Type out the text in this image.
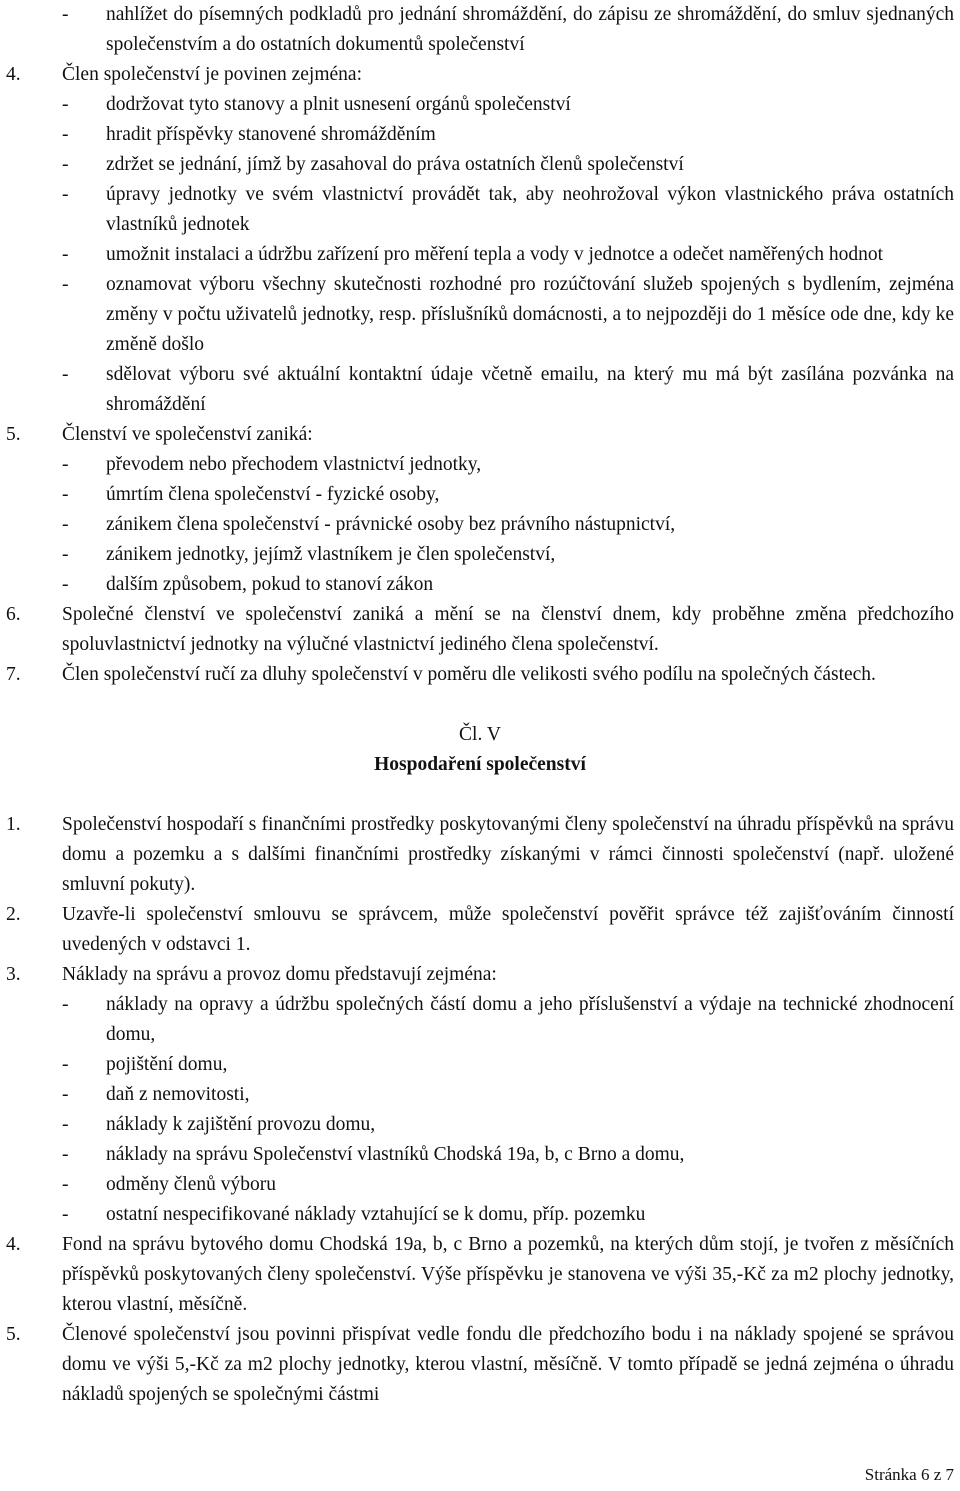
- nahlížet do písemných podkladů pro jednání shromáždění, do zápisu ze shromáždění, do smluv sjednaných společenstvím a do ostatních dokumentů společenství
4. Člen společenství je povinen zejména:
- dodržovat tyto stanovy a plnit usnesení orgánů společenství
- hradit příspěvky stanovené shromážděním
- zdržet se jednání, jímž by zasahoval do práva ostatních členů společenství
- úpravy jednotky ve svém vlastnictví provádět tak, aby neohrožoval výkon vlastnického práva ostatních vlastníků jednotek
- umožnit instalaci a údržbu zařízení pro měření tepla a vody v jednotce a odečet naměřených hodnot
- oznamovat výboru všechny skutečnosti rozhodné pro rozúčtování služeb spojených s bydlením, zejména změny v počtu uživatelů jednotky, resp. příslušníků domácnosti, a to nejpozději do 1 měsíce ode dne, kdy ke změně došlo
- sdělovat výboru své aktuální kontaktní údaje včetně emailu, na který mu má být zasílána pozvánka na shromáždění
5. Členství ve společenství zaniká:
- převodem nebo přechodem vlastnictví jednotky,
- úmrtím člena společenství - fyzické osoby,
- zánikem člena společenství - právnické osoby bez právního nástupnictví,
- zánikem jednotky, jejímž vlastníkem je člen společenství,
- dalším způsobem, pokud to stanoví zákon
6. Společné členství ve společenství zaniká a mění se na členství dnem, kdy proběhne změna předchozího spoluvlastnictví jednotky na výlučné vlastnictví jediného člena společenství.
7. Člen společenství ručí za dluhy společenství v poměru dle velikosti svého podílu na společných částech.
Čl. V
Hospodaření společenství
1. Společenství hospodaří s finančními prostředky poskytovanými členy společenství na úhradu příspěvků na správu domu a pozemku a s dalšími finančními prostředky získanými v rámci činnosti společenství (např. uložené smluvní pokuty).
2. Uzavře-li společenství smlouvu se správcem, může společenství pověřit správce též zajišťováním činností uvedených v odstavci 1.
3. Náklady na správu a provoz domu představují zejména:
- náklady na opravy a údržbu společných částí domu a jeho příslušenství a výdaje na technické zhodnocení domu,
- pojištění domu,
- daň z nemovitosti,
- náklady k zajištění provozu domu,
- náklady na správu Společenství vlastníků Chodská 19a, b, c Brno a domu,
- odměny členů výboru
- ostatní nespecifikované náklady vztahující se k domu, příp. pozemku
4. Fond na správu bytového domu Chodská 19a, b, c Brno a pozemků, na kterých dům stojí, je tvořen z měsíčních příspěvků poskytovaných členy společenství. Výše příspěvku je stanovena ve výši 35,-Kč za m2 plochy jednotky, kterou vlastní, měsíčně.
5. Členové společenství jsou povinni přispívat vedle fondu dle předchozího bodu i na náklady spojené se správou domu ve výši 5,-Kč za m2 plochy jednotky, kterou vlastní, měsíčně. V tomto případě se jedná zejména o úhradu nákladů spojených se společnými částmi
Stránka 6 z 7
